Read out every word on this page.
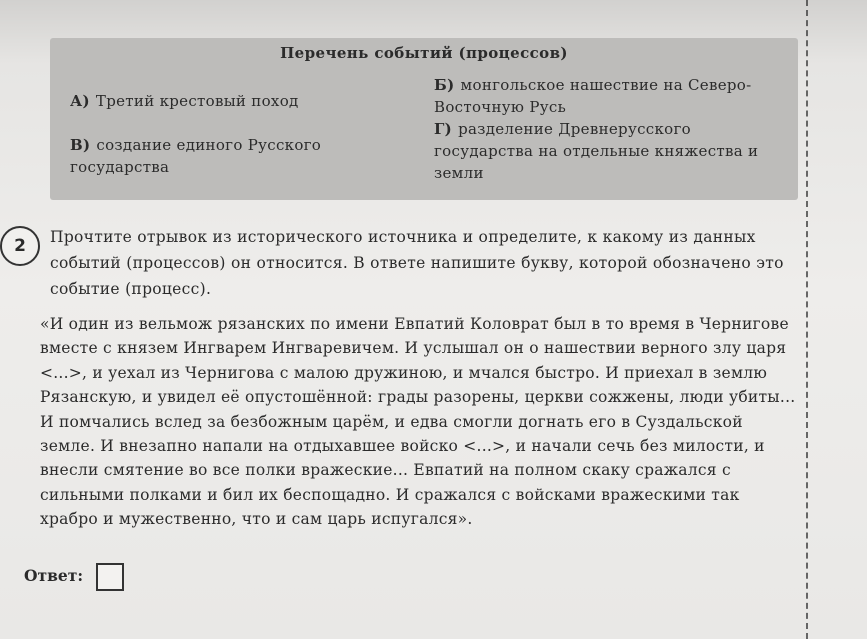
Перечень событий (процессов)
А) Третий крестовый поход
Б) монгольское нашествие на Северо-Восточную Русь
В) создание единого Русского государства
Г) разделение Древнерусского государства на отдельные княжества и земли
2	Прочтите отрывок из исторического источника и определите, к какому из данных событий (процессов) он относится. В ответе напишите букву, которой обозначено это событие (процесс).
«И один из вельмож рязанских по имени Евпатий Коловрат был в то время в Чернигове вместе с князем Ингварем Ингваревичем. И услышал он о нашествии верного злу царя <...>, и уехал из Чернигова с малою дружиною, и мчался быстро. И приехал в землю Рязанскую, и увидел её опустошённой: грады разорены, церкви сожжены, люди убиты...
И помчались вслед за безбожным царём, и едва смогли догнать его в Суздальской земле. И внезапно напали на отдыхавшее войско <...>, и начали сечь без милости, и внесли смятение во все полки вражеские... Евпатий на полном скаку сражался с сильными полками и бил их беспощадно. И сражался с войсками вражескими так храбро и мужественно, что и сам царь испугался».
Ответ:
